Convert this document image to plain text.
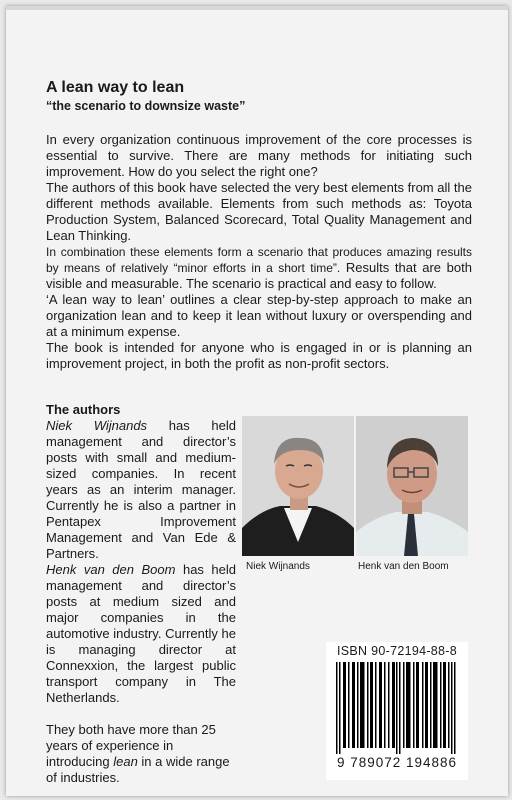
A lean way to lean
“the scenario to downsize waste”

In every organization continuous improvement of the core processes is essential to survive. There are many methods for initiating such improvement. How do you select the right one?

The authors of this book have selected the very best elements from all the different methods available. Elements from such methods as: Toyota Production System, Balanced Scorecard, Total Quality Management and Lean Thinking.

In combination these elements form a scenario that produces amazing results by means of relatively “minor efforts in a short time”. Results that are both visible and measurable. The scenario is practical and easy to follow.

‘A lean way to lean’ outlines a clear step-by-step approach to make an organization lean and to keep it lean without luxury or overspending and at a minimum expense.

The book is intended for anyone who is engaged in or is planning an improvement project, in both the profit as non-profit sectors.

The authors

Niek Wijnands has held management and director’s posts with small and medium-sized companies. In recent years as an interim manager. Currently he is also a partner in Pentapex Improvement Management and Van Ede & Partners.

Henk van den Boom has held management and director’s posts at medium sized and major companies in the automotive industry. Currently he is managing director at Connexxion, the largest public transport company in The Netherlands.

They both have more than 25 years of experience in introducing lean in a wide range of industries.

Niek Wijnands	Henk van den Boom
ISBN 90-72194-88-8
9 789072 194886
